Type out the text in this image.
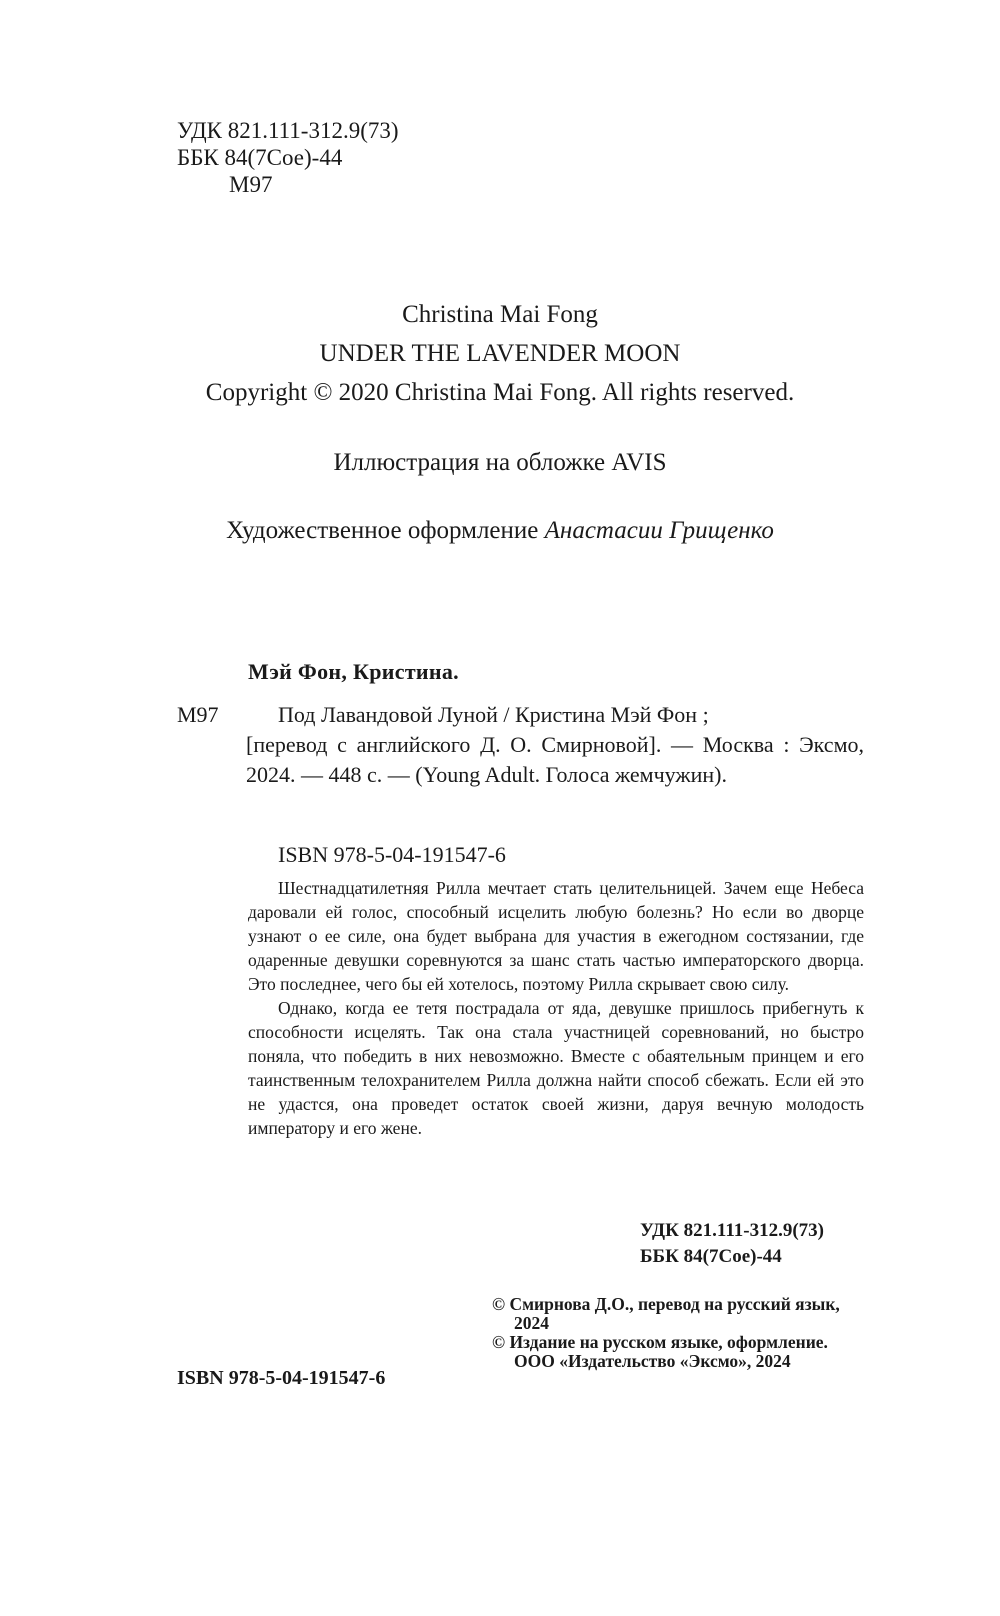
УДК 821.111-312.9(73)
ББК 84(7Сое)-44
М97
Christina Mai Fong
UNDER THE LAVENDER MOON
Copyright © 2020 Christina Mai Fong. All rights reserved.
Иллюстрация на обложке AVIS
Художественное оформление Анастасии Грищенко
Мэй Фон, Кристина.
М97	Под Лавандовой Луной / Кристина Мэй Фон ;
[перевод с английского Д. О. Смирновой]. — Москва : Эксмо, 2024. — 448 с. — (Young Adult. Голоса жемчужин).
ISBN 978-5-04-191547-6

Шестнадцатилетняя Рилла мечтает стать целительницей. Зачем еще Небеса даровали ей голос, способный исцелить любую болезнь? Но если во дворце узнают о ее силе, она будет выбрана для участия в ежегодном состязании, где одаренные девушки соревнуются за шанс стать частью императорского дворца. Это последнее, чего бы ей хотелось, поэтому Рилла скрывает свою силу.

Однако, когда ее тетя пострадала от яда, девушке пришлось прибегнуть к способности исцелять. Так она стала участницей соревнований, но быстро поняла, что победить в них невозможно. Вместе с обаятельным принцем и его таинственным телохранителем Рилла должна найти способ сбежать. Если ей это не удастся, она проведет остаток своей жизни, даруя вечную молодость императору и его жене.

УДК 821.111-312.9(73)
ББК 84(7Сое)-44
© Смирнова Д.О., перевод на русский язык, 2024
© Издание на русском языке, оформление. ООО «Издательство «Эксмо», 2024
ISBN 978-5-04-191547-6
